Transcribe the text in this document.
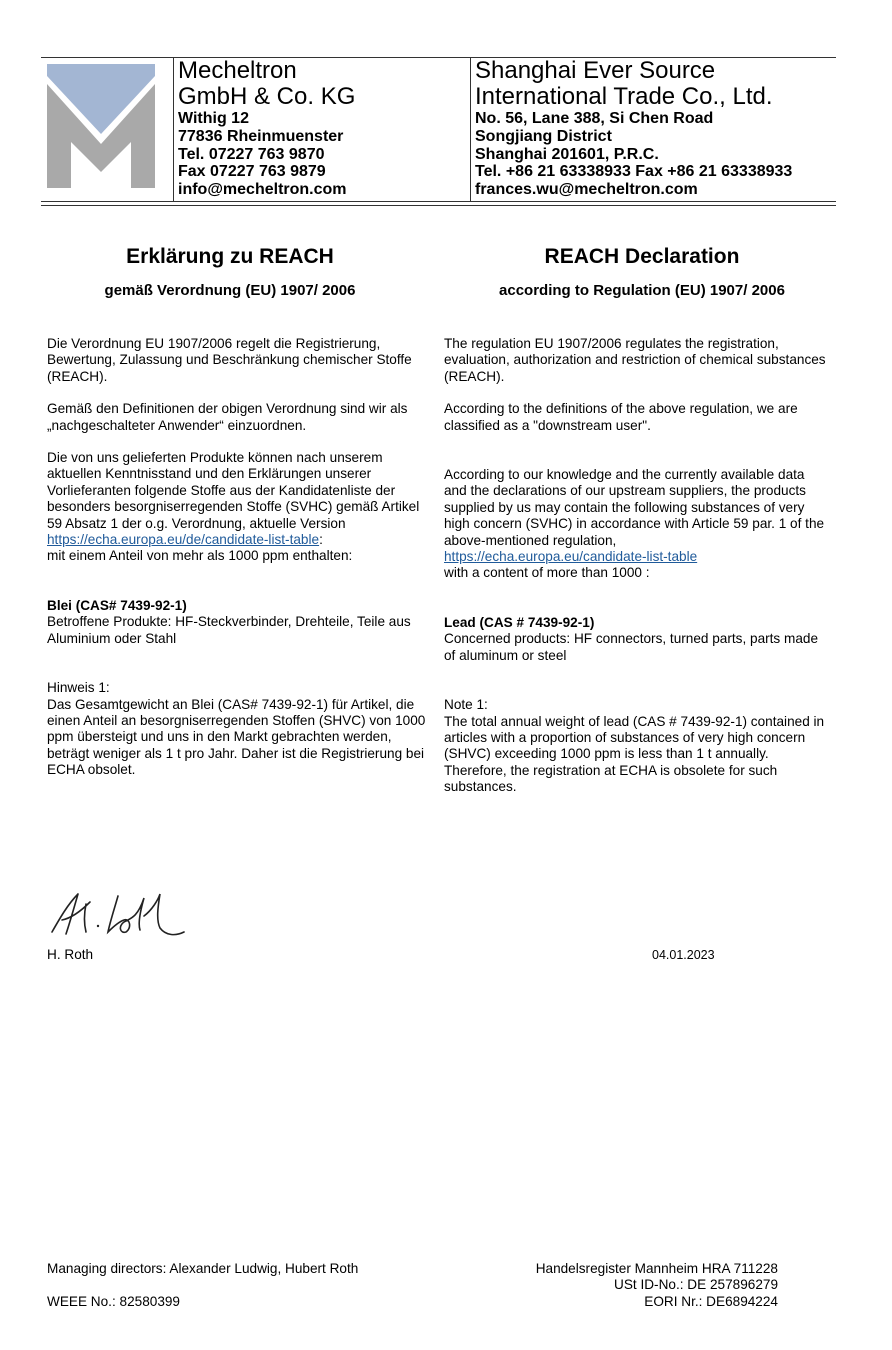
Mecheltron
GmbH & Co. KG
Withig 12
77836 Rheinmuenster
Tel. 07227 763 9870
Fax 07227 763 9879
info@mecheltron.com
Shanghai Ever Source
International Trade Co., Ltd.
No. 56, Lane 388, Si Chen Road
Songjiang District
Shanghai 201601, P.R.C.
Tel. +86 21 63338933 Fax +86 21 63338933
frances.wu@mecheltron.com
Erklärung zu REACH
gemäß Verordnung (EU) 1907/ 2006
REACH Declaration
according to Regulation (EU) 1907/ 2006

Die Verordnung EU 1907/2006 regelt die Registrierung, Bewertung, Zulassung und Beschränkung chemischer Stoffe (REACH).

Gemäß den Definitionen der obigen Verordnung sind wir als „nachgeschalteter Anwender“ einzuordnen.

Die von uns gelieferten Produkte können nach unserem aktuellen Kenntnisstand und den Erklärungen unserer Vorlieferanten folgende Stoffe aus der Kandidatenliste der besonders besorgniserregenden Stoffe (SVHC) gemäß Artikel 59 Absatz 1 der o.g. Verordnung, aktuelle Version
https://echa.europa.eu/de/candidate-list-table:
mit einem Anteil von mehr als 1000 ppm enthalten:

Blei (CAS# 7439-92-1)

Betroffene Produkte: HF-Steckverbinder, Drehteile, Teile aus Aluminium oder Stahl

Hinweis 1:

Das Gesamtgewicht an Blei (CAS# 7439-92-1) für Artikel, die einen Anteil an besorgniserregenden Stoffen (SHVC) von 1000 ppm übersteigt und uns in den Markt gebrachten werden, beträgt weniger als 1 t pro Jahr. Daher ist die Registrierung bei ECHA obsolet.

The regulation EU 1907/2006 regulates the registration, evaluation, authorization and restriction of chemical substances (REACH).

According to the definitions of the above regulation, we are classified as a "downstream user".

According to our knowledge and the currently available data and the declarations of our upstream suppliers, the products supplied by us may contain the following substances of very high concern (SVHC) in accordance with Article 59 par. 1 of the above-mentioned regulation,
https://echa.europa.eu/candidate-list-table
with a content of more than 1000 :

Lead (CAS # 7439-92-1)

Concerned products: HF connectors, turned parts, parts made of aluminum or steel

Note 1:

The total annual weight of lead (CAS # 7439-92-1) contained in articles with a proportion of substances of very high concern (SHVC) exceeding 1000 ppm is less than 1 t annually. Therefore, the registration at ECHA is obsolete for such substances.

H. Roth	04.01.2023
Managing directors: Alexander Ludwig, Hubert Roth
WEEE No.: 82580399
Handelsregister Mannheim HRA 711228
USt ID-No.: DE 257896279
EORI Nr.: DE6894224
